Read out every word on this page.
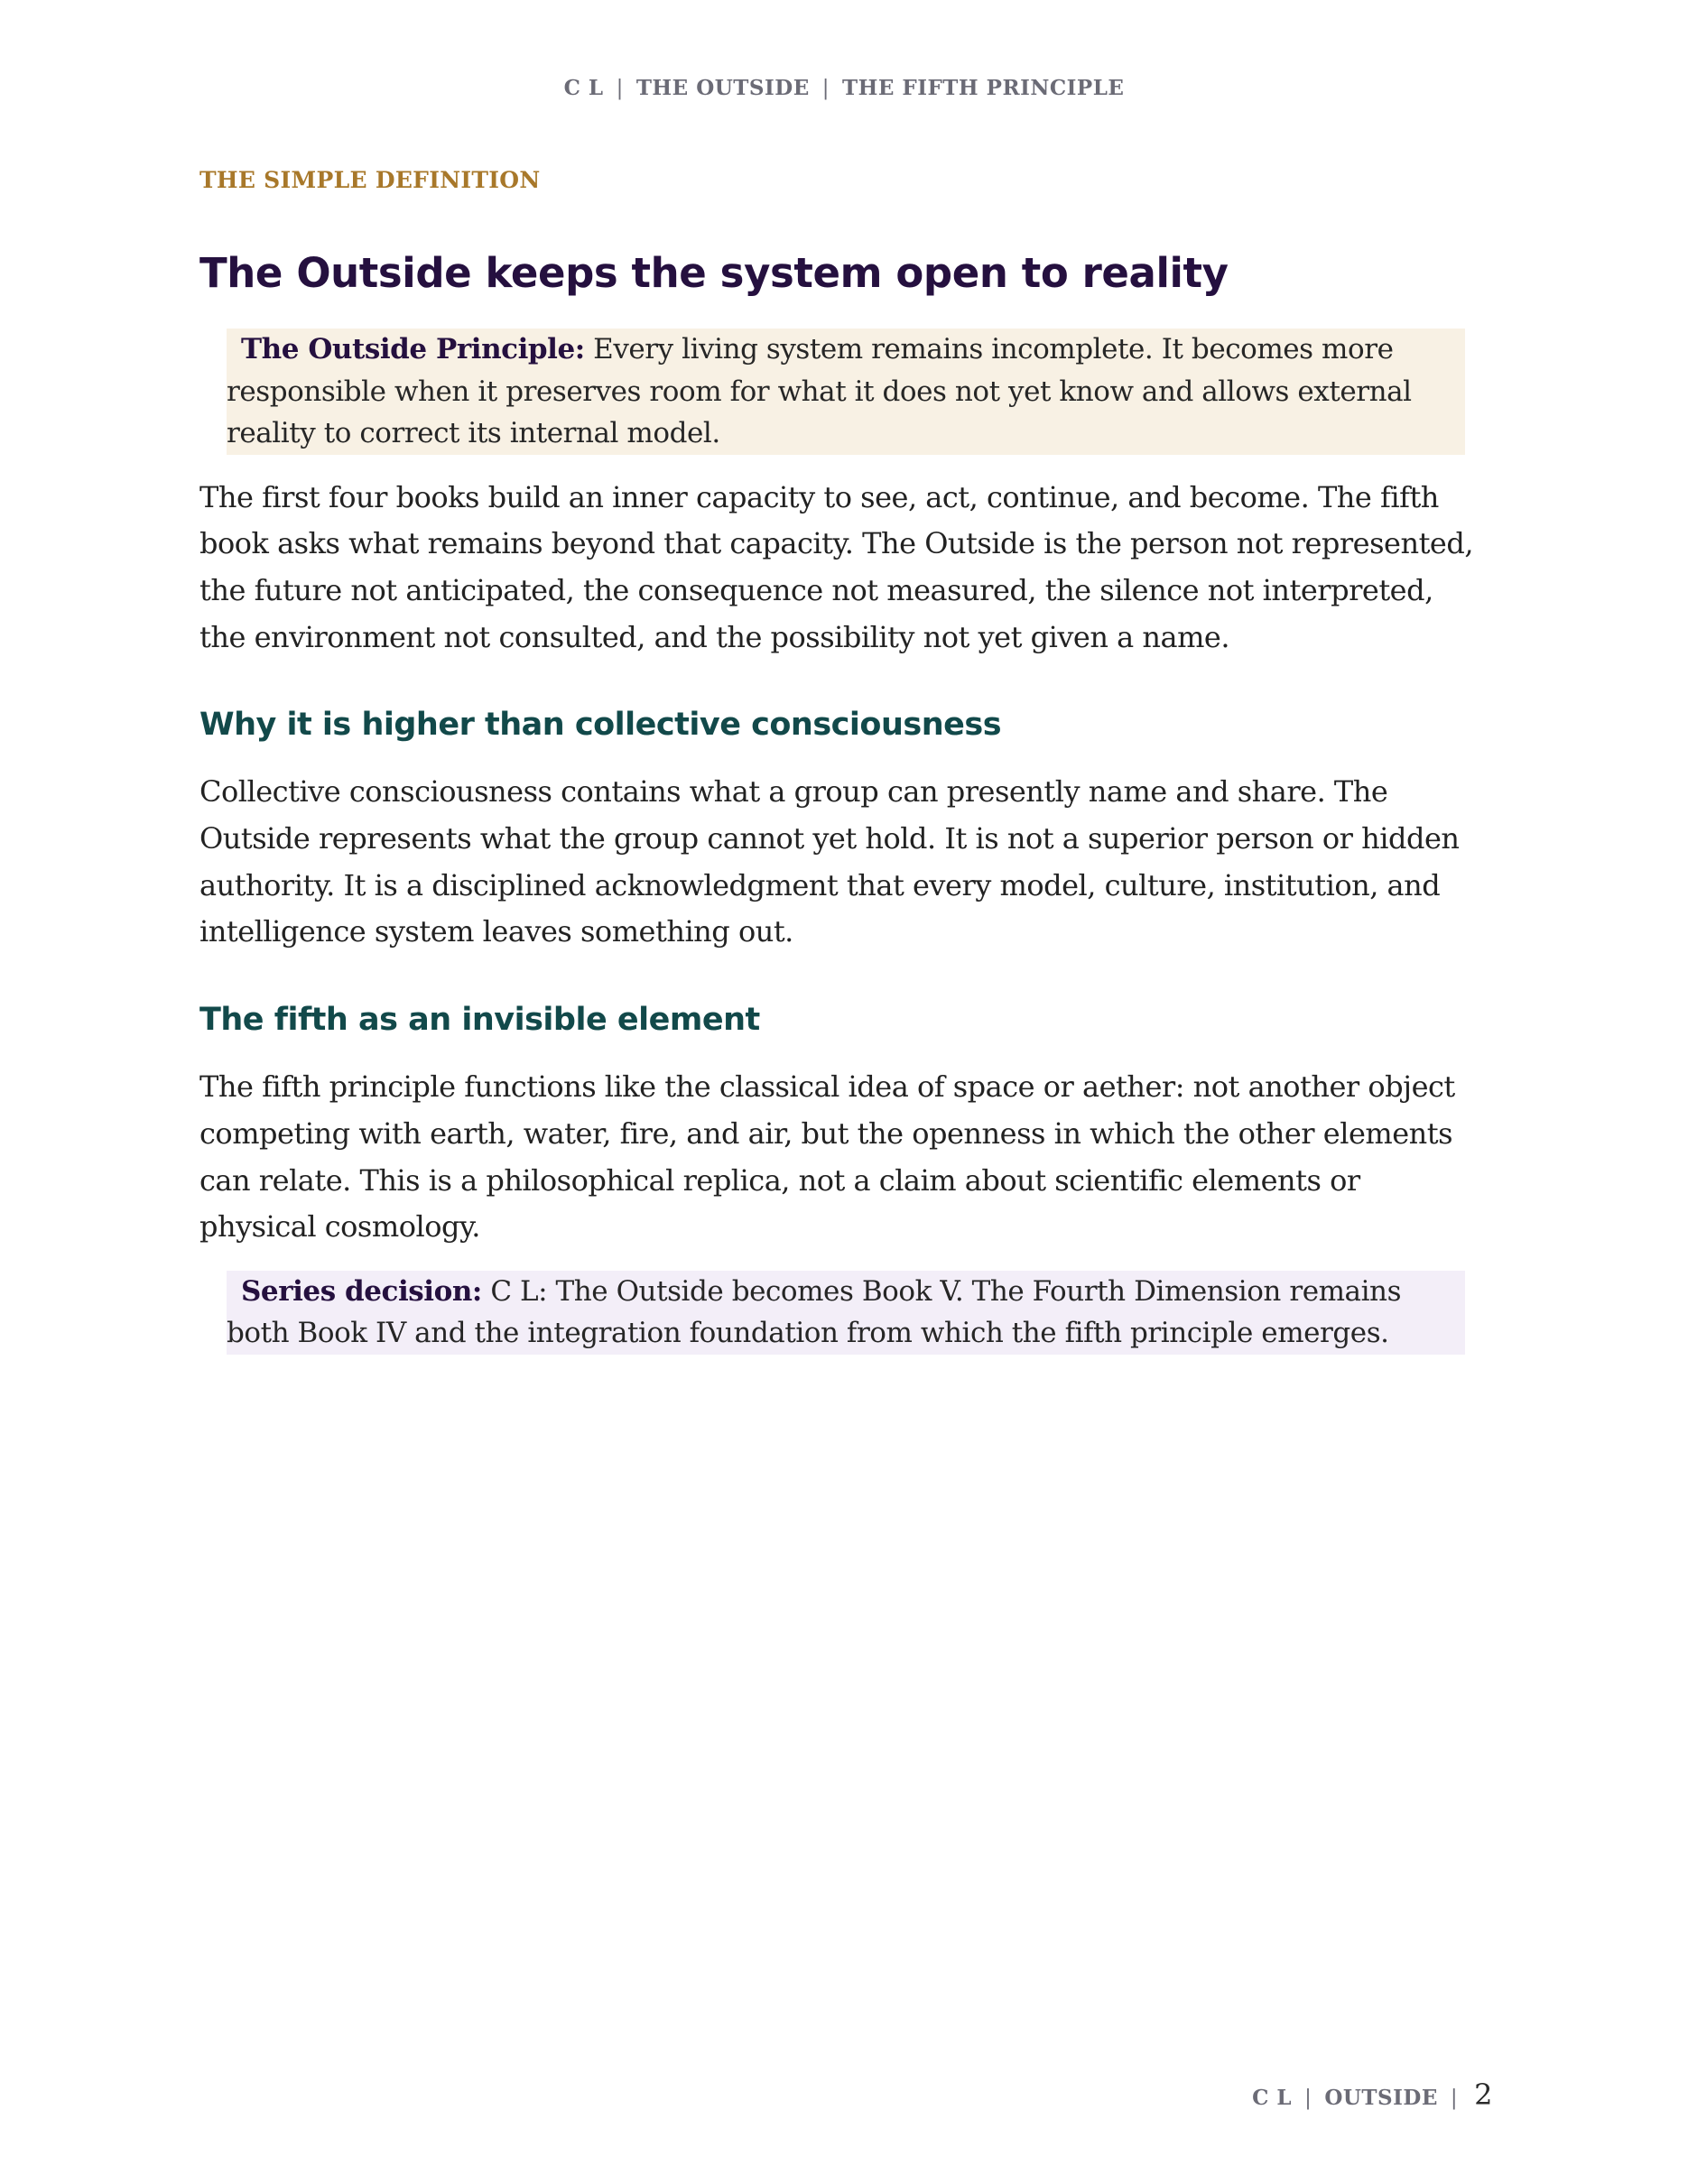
C L | THE OUTSIDE | THE FIFTH PRINCIPLE
THE SIMPLE DEFINITION
The Outside keeps the system open to reality
The Outside Principle: Every living system remains incomplete. It becomes more responsible when it preserves room for what it does not yet know and allows external reality to correct its internal model.

The first four books build an inner capacity to see, act, continue, and become. The fifth book asks what remains beyond that capacity. The Outside is the person not represented, the future not anticipated, the consequence not measured, the silence not interpreted, the environment not consulted, and the possibility not yet given a name.

Why it is higher than collective consciousness

Collective consciousness contains what a group can presently name and share. The Outside represents what the group cannot yet hold. It is not a superior person or hidden authority. It is a disciplined acknowledgment that every model, culture, institution, and intelligence system leaves something out.

The fifth as an invisible element

The fifth principle functions like the classical idea of space or aether: not another object competing with earth, water, fire, and air, but the openness in which the other elements can relate. This is a philosophical replica, not a claim about scientific elements or physical cosmology.

Series decision: C L: The Outside becomes Book V. The Fourth Dimension remains both Book IV and the integration foundation from which the fifth principle emerges.
C L | OUTSIDE | 2
